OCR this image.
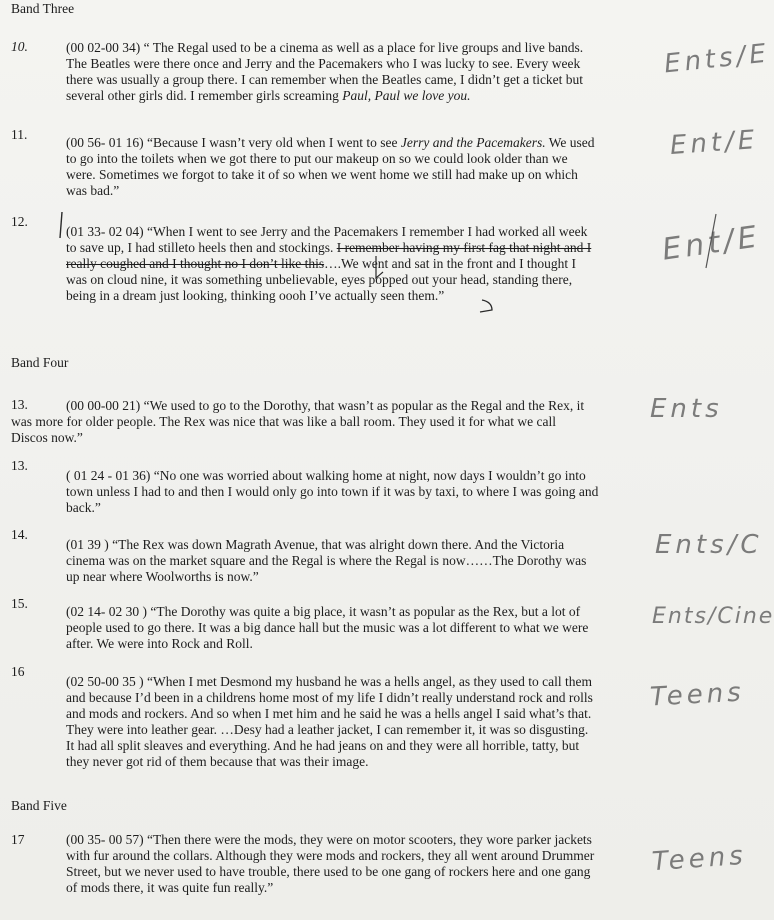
Band Three
10.	(00 02-00 34) “ The Regal used to be a cinema as well as a place for live groups and live bands.
The Beatles were there once and Jerry and the Pacemakers who I was lucky to see. Every week
there was usually a group there. I can remember when the Beatles came, I didn’t get a ticket but
several other girls did. I remember girls screaming Paul, Paul we love you.
Ents/E
11.
(00 56- 01 16) “Because I wasn’t very old when I went to see Jerry and the Pacemakers. We used
to go into the toilets when we got there to put our makeup on so we could look older than we
were. Sometimes we forgot to take it of so when we went home we still had make up on which
was bad.”
Ent/E
12.
(01 33- 02 04) “When I went to see Jerry and the Pacemakers I remember I had worked all week
to save up, I had stilleto heels then and stockings. I remember having my first fag that night and I
really coughed and I thought no I don’t like this….We went and sat in the front and I thought I
was on cloud nine, it was something unbelievable, eyes popped out your head, standing there,
being in a dream just looking, thinking oooh I’ve actually seen them.”
Ent/E
Band Four
13.	(00 00-00 21) “We used to go to the Dorothy, that wasn’t as popular as the Regal and the Rex, it
was more for older people. The Rex was nice that was like a ball room. They used it for what we call
Discos now.”
Ents
13.
( 01 24 - 01 36) “No one was worried about walking home at night, now days I wouldn’t go into
town unless I had to and then I would only go into town if it was by taxi, to where I was going and
back.”
14.
(01 39 ) “The Rex was down Magrath Avenue, that was alright down there. And the Victoria
cinema was on the market square and the Regal is where the Regal is now……The Dorothy was
up near where Woolworths is now.”
Ents/C
15.
(02 14- 02 30 ) “The Dorothy was quite a big place, it wasn’t as popular as the Rex, but a lot of
people used to go there. It was a big dance hall but the music was a lot different to what we were
after. We were into Rock and Roll.
Ents/Cine
16
(02 50-00 35 ) “When I met Desmond my husband he was a hells angel, as they used to call them
and because I’d been in a childrens home most of my life I didn’t really understand rock and rolls
and mods and rockers. And so when I met him and he said he was a hells angel I said what’s that.
They were into leather gear. …Desy had a leather jacket, I can remember it, it was so disgusting.
It had all split sleaves and everything. And he had jeans on and they were all horrible, tatty, but
they never got rid of them because that was their image.
Teens
Band Five
17	(00 35- 00 57) “Then there were the mods, they were on motor scooters, they wore parker jackets
with fur around the collars. Although they were mods and rockers, they all went around Drummer
Street, but we never used to have trouble, there used to be one gang of rockers here and one gang
of mods there, it was quite fun really.”
Teens
